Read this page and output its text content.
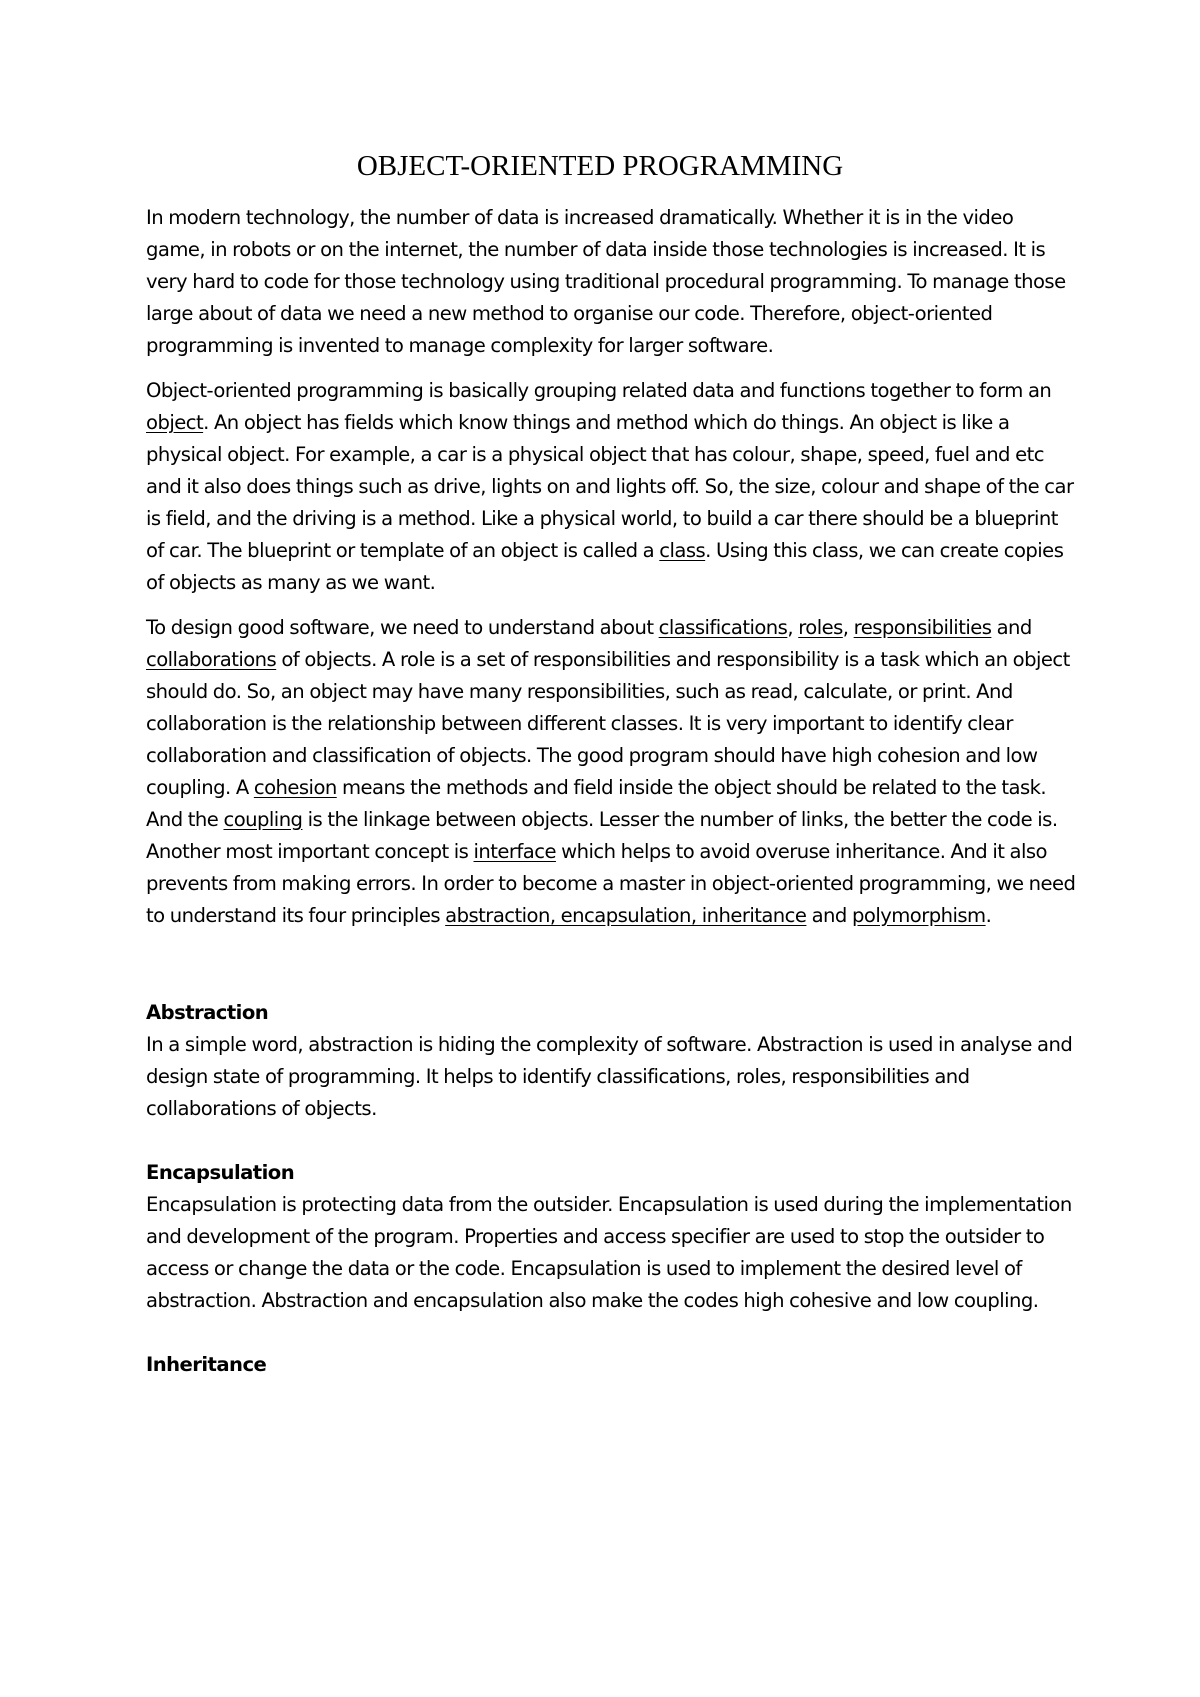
OBJECT-ORIENTED PROGRAMMING

In modern technology, the number of data is increased dramatically. Whether it is in the video game, in robots or on the internet, the number of data inside those technologies is increased. It is very hard to code for those technology using traditional procedural programming. To manage those large about of data we need a new method to organise our code. Therefore, object-oriented programming is invented to manage complexity for larger software.

Object-oriented programming is basically grouping related data and functions together to form an object. An object has fields which know things and method which do things. An object is like a physical object. For example, a car is a physical object that has colour, shape, speed, fuel and etc and it also does things such as drive, lights on and lights off. So, the size, colour and shape of the car is field, and the driving is a method. Like a physical world, to build a car there should be a blueprint of car. The blueprint or template of an object is called a class. Using this class, we can create copies of objects as many as we want.

To design good software, we need to understand about classifications, roles, responsibilities and collaborations of objects. A role is a set of responsibilities and responsibility is a task which an object should do. So, an object may have many responsibilities, such as read, calculate, or print. And collaboration is the relationship between different classes. It is very important to identify clear collaboration and classification of objects. The good program should have high cohesion and low coupling. A cohesion means the methods and field inside the object should be related to the task. And the coupling is the linkage between objects. Lesser the number of links, the better the code is. Another most important concept is interface which helps to avoid overuse inheritance. And it also prevents from making errors. In order to become a master in object-oriented programming, we need to understand its four principles abstraction, encapsulation, inheritance and polymorphism.

Abstraction

In a simple word, abstraction is hiding the complexity of software. Abstraction is used in analyse and design state of programming. It helps to identify classifications, roles, responsibilities and collaborations of objects.

Encapsulation

Encapsulation is protecting data from the outsider. Encapsulation is used during the implementation and development of the program. Properties and access specifier are used to stop the outsider to access or change the data or the code. Encapsulation is used to implement the desired level of abstraction. Abstraction and encapsulation also make the codes high cohesive and low coupling.

Inheritance
